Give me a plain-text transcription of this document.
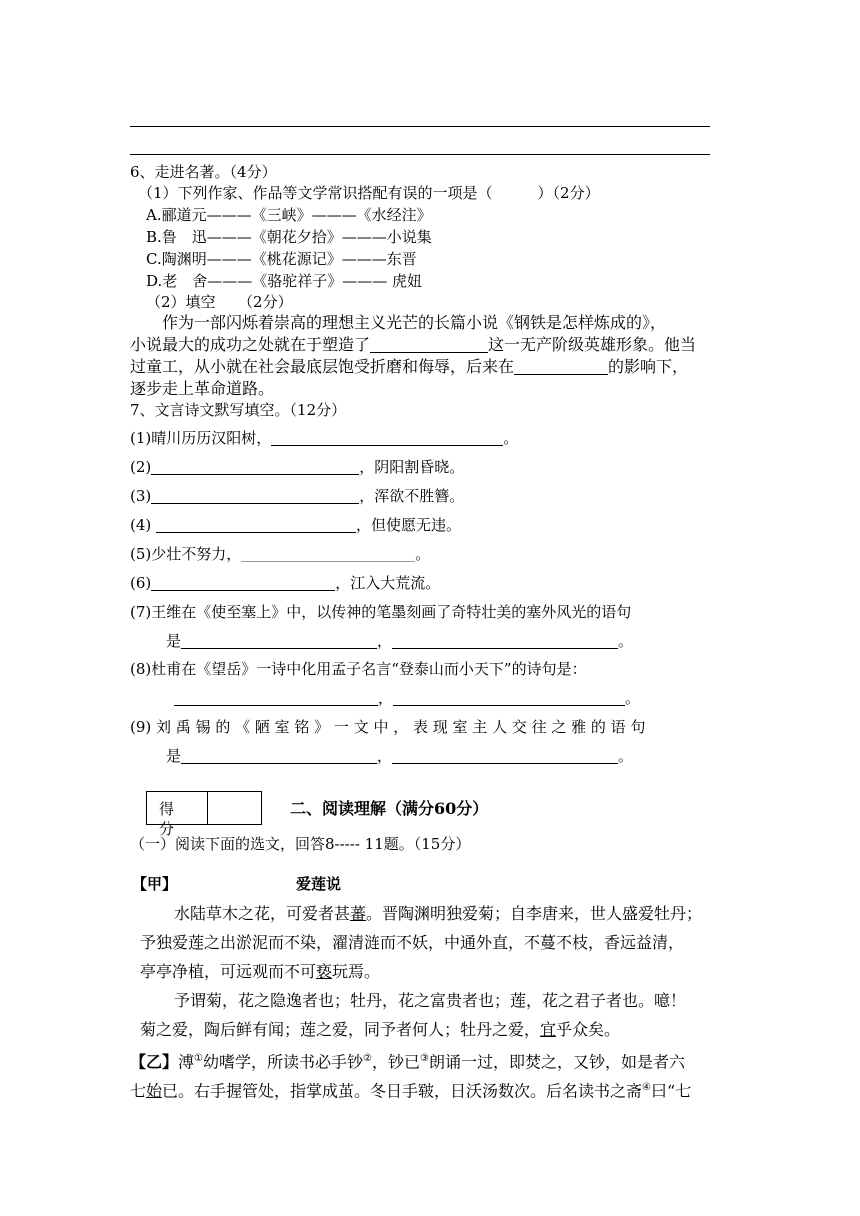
6、走进名著。（4分）
（1）下列作家、作品等文学常识搭配有误的一项是（　　　）（2分）
A.郦道元———《三峡》———《水经注》
B.鲁　迅———《朝花夕拾》———小说集
C.陶渊明———《桃花源记》———东晋
D.老　舍———《骆驼祥子》——— 虎妞
（2）填空　　（2分）
作为一部闪烁着崇高的理想主义光芒的长篇小说《钢铁是怎样炼成的》，
小说最大的成功之处就在于塑造了	这一无产阶级英雄形象。他当
过童工，从小就在社会最底层饱受折磨和侮辱，后来在	的影响下，
逐步走上革命道路。
7、文言诗文默写填空。（12分）
(1)晴川历历汉阳树，	。
(2)	，阴阳割昏晓。
(3)	，浑欲不胜簪。
(4)	，但使愿无违。
(5)少壮不努力，	。
(6)	，江入大荒流。
(7)王维在《使至塞上》中，以传神的笔墨刻画了奇特壮美的塞外风光的语句
是	，	。
(8)杜甫在《望岳》一诗中化用孟子名言“登泰山而小天下”的诗句是：
，	。
(9) 刘 禹 锡 的 《 陋 室 铭 》 一 文 中 ， 表 现 室 主 人 交 往 之 雅 的 语 句
是	，	。
得分
二、阅读理解（满分60分）
（一）阅读下面的选文，回答8----- 11题。（15分）
【甲】	爱莲说
水陆草木之花，可爱者甚蕃。晋陶渊明独爱菊；自李唐来，世人盛爱牡丹；
予独爱莲之出淤泥而不染，濯清涟而不妖，中通外直，不蔓不枝，香远益清，
亭亭净植，可远观而不可亵玩焉。
予谓菊，花之隐逸者也；牡丹，花之富贵者也；莲，花之君子者也。噫！
菊之爱，陶后鲜有闻；莲之爱，同予者何人；牡丹之爱，宜乎众矣。
【乙】溥①幼嗜学，所读书必手钞②，钞已③朗诵一过，即焚之，又钞，如是者六
七始已。右手握管处，指掌成茧。冬日手皲，日沃汤数次。后名读书之斋④曰“七
